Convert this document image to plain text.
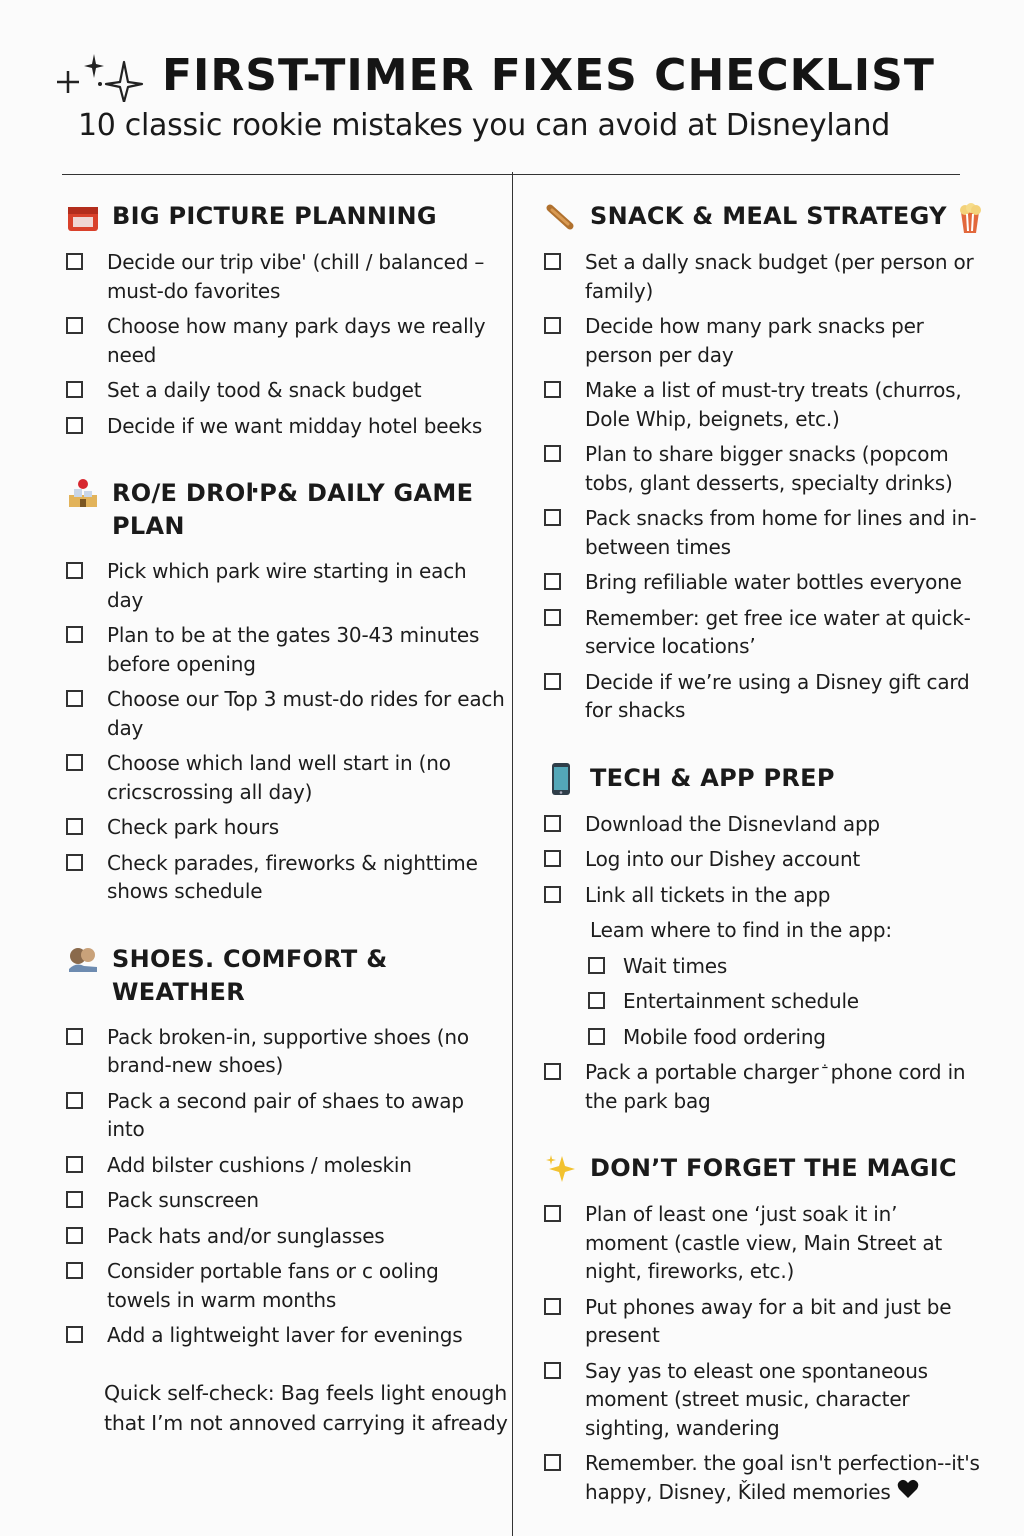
FIRST-TIMER FIXES CHECKLIST

10 classic rookie mistakes you can avoid at Disneyland

BIG PICTURE PLANNING
Decide our trip vibe' (chill / balanced –must-do favorites
Choose how many park days we really need
Set a daily tood & snack budget
Decide if we want midday hotel beeks
RO/E DROŀP& DAILY GAME PLAN
Pick which park wire starting in each day
Plan to be at the gates 30-43 minutes before opening
Choose our Top 3 must-do rides for each day
Choose which land well start in (no cricscrossing all day)
Check park hours
Check parades, fireworks & nighttime shows schedule
SHOES. COMFORT & WEATHER
Pack broken-in, supportive shoes (no brand-new shoes)
Pack a second pair of shaes to awap into
Add bilster cushions / moleskin
Pack sunscreen
Pack hats and/or sunglasses
Consider portable fans or c ooling towels in warm months
Add a lightweight laver for evenings
Quick self-check: Bag feels light enough that I’m not annoved carrying it afready
SNACK & MEAL STRATEGY
Set a dally snack budget (per person or family)
Decide how many park snacks per person per day
Make a list of must-try treats (churros, Dole Whip, beignets, etc.)
Plan to share bigger snacks (popcom tobs, glant desserts, specialty drinks)
Pack snacks from home for lines and in-between times
Bring refiliable water bottles everyone
Remember: get free ice water at quick- service locations’
Decide if we’re using a Disney gift card for shacks
TECH & APP PREP
Download the Disnevland app
Log into our Dishey account
Link all tickets in the app
Leam where to find in the app:
Wait times
Entertainment schedule
Mobile food ordering
Pack a portable charger ꜙ phone cord in the park bag
DON’T FORGET THE MAGIC
Plan of least one ‘just soak it in’ moment (castle view, Main Street at night, fireworks, etc.)
Put phones away for a bit and just be present
Say yas to eleast one spontaneous moment (street music, character sighting, wandering
Remember. the goal isn't perfection--it's happy, Disney, Ǩiled memories
